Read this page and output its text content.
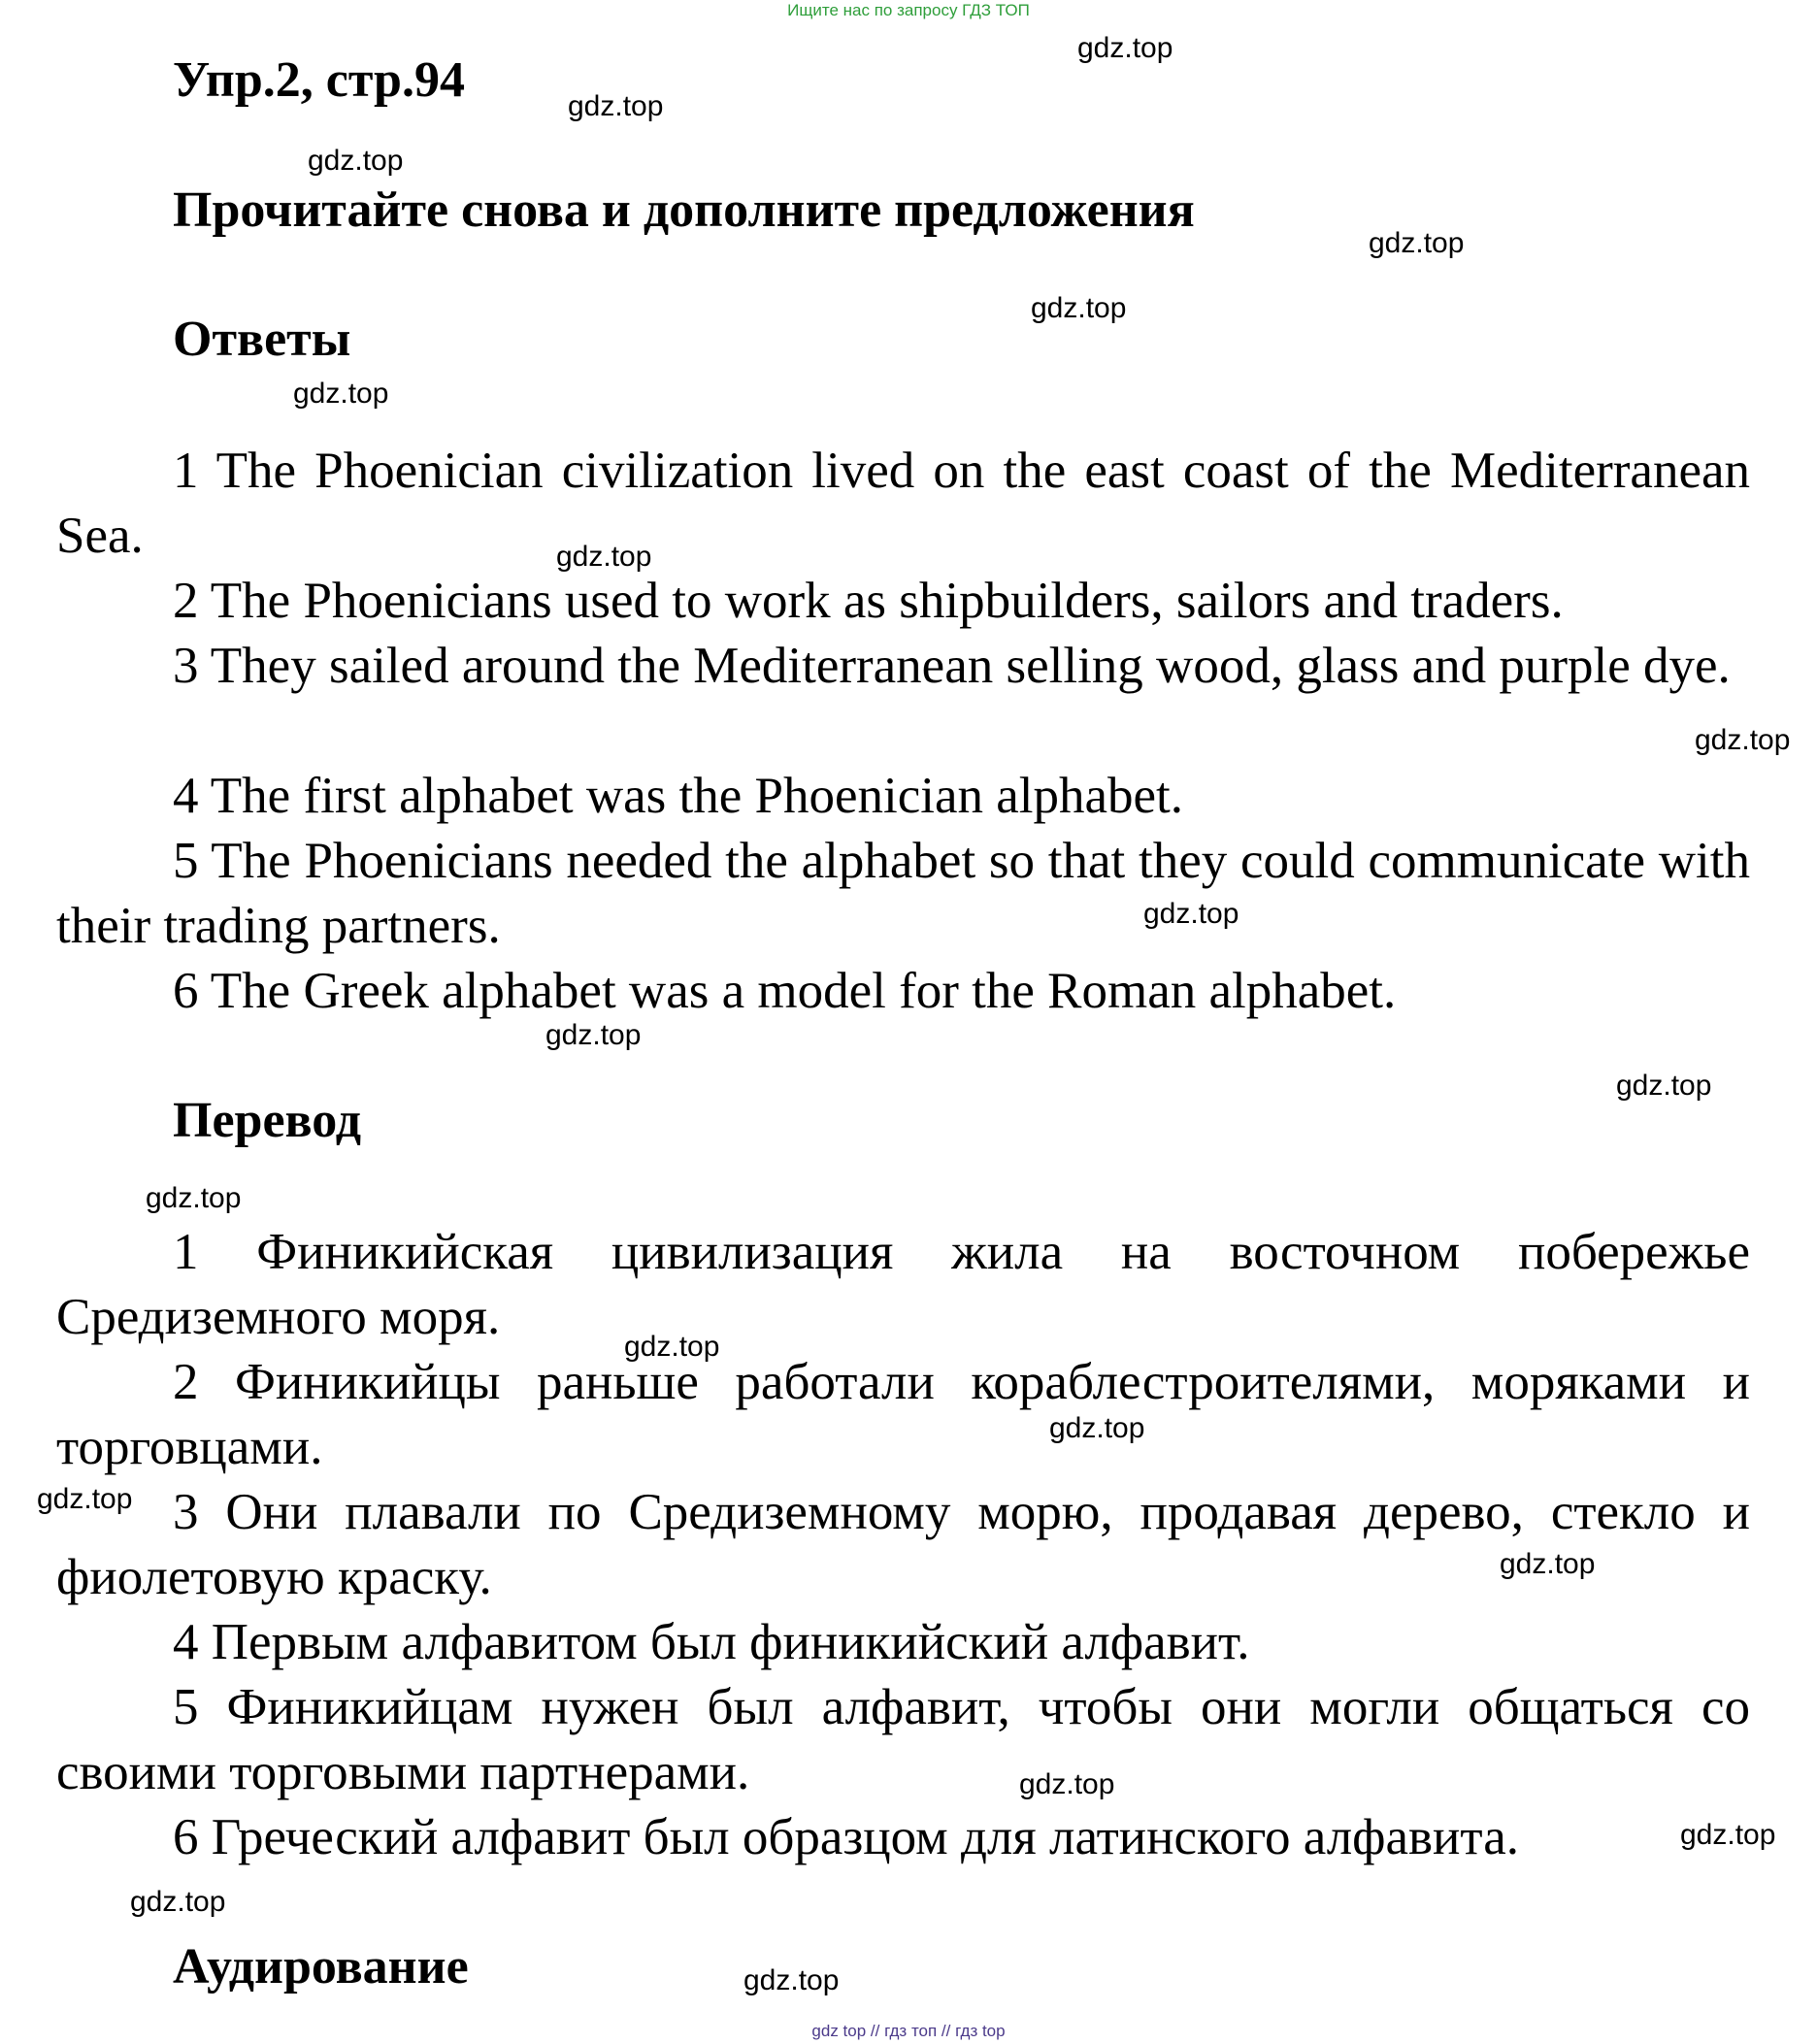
Ищите нас по запросу ГДЗ ТОП
Упр.2, стр.94
Прочитайте снова и дополните предложения
Ответы
1 The Phoenician civilization lived on the east coast of the Mediterranean Sea.
2 The Phoenicians used to work as shipbuilders, sailors and traders.
3 They sailed around the Mediterranean selling wood, glass and purple dye.
4 The first alphabet was the Phoenician alphabet.
5 The Phoenicians needed the alphabet so that they could communicate with their trading partners.
6 The Greek alphabet was a model for the Roman alphabet.
Перевод
1 Финикийская цивилизация жила на восточном побережье Средиземного моря.
2 Финикийцы раньше работали кораблестроителями, моряками и торговцами.
3 Они плавали по Средиземному морю, продавая дерево, стекло и фиолетовую краску.
4 Первым алфавитом был финикийский алфавит.
5 Финикийцам нужен был алфавит, чтобы они могли общаться со своими торговыми партнерами.
6 Греческий алфавит был образцом для латинского алфавита.
Аудирование
gdz.top
gdz.top
gdz.top
gdz.top
gdz.top
gdz.top
gdz.top
gdz.top
gdz.top
gdz.top
gdz.top
gdz.top
gdz.top
gdz.top
gdz.top
gdz.top
gdz.top
gdz.top
gdz.top
gdz.top
gdz top // гдз топ // гдз top
